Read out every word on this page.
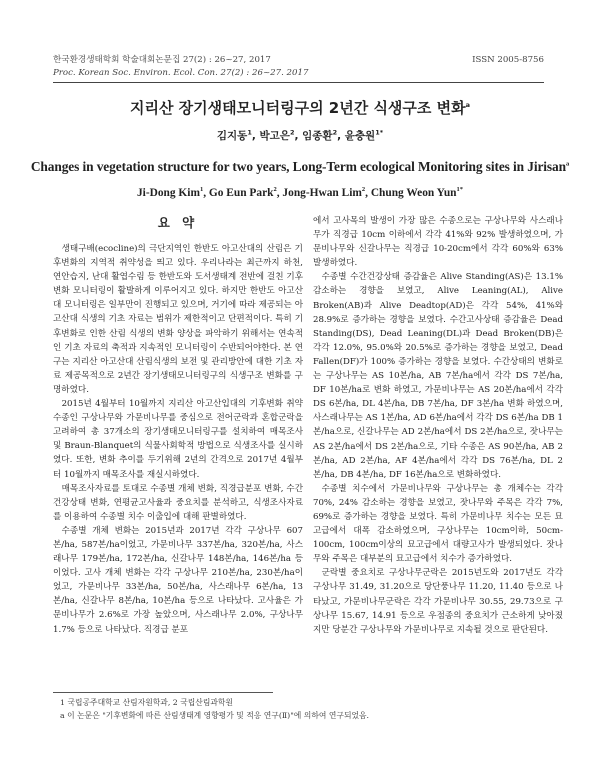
한국환경생태학회 학술대회논문집 27(2) : 26~27, 2017
Proc. Korean Soc. Environ. Ecol. Con. 27(2) : 26~27. 2017
ISSN 2005-8756
지리산 장기생태모니터링구의 2년간 식생구조 변화$^a$
김지동$^1$, 박고은$^2$, 임종환$^2$, 윤충원$^{1*}$
Changes in vegetation structure for two years, Long-Term ecological Monitoring sites in Jirisan$^a$
Ji-Dong Kim$^1$, Go Eun Park$^2$, Jong-Hwan Lim$^2$, Chung Weon Yun$^{1*}$
요 약

생태구배(ecocline)의 극단지역인 한반도 아고산대의 산림은 기후변화의 지역적 취약성을 띄고 있다. 우리나라는 최근까지 하천, 연안습지, 난대 활엽수림 등 한반도와 도서생태계 전반에 걸친 기후변화 모니터링이 활발하게 이루어지고 있다. 하지만 한반도 아고산대 모니터링은 일부만이 진행되고 있으며, 거기에 따라 제공되는 아고산대 식생의 기초 자료는 범위가 제한적이고 단편적이다. 특히 기후변화로 인한 산림 식생의 변화 양상을 파악하기 위해서는 연속적인 기초 자료의 축적과 지속적인 모니터링이 수반되어야한다. 본 연구는 지리산 아고산대 산림식생의 보전 및 관리방안에 대한 기초 자료 제공목적으로 2년간 장기생태모니터링구의 식생구조 변화를 구명하였다.

2015년 4월부터 10월까지 지리산 아고산입대의 기후변화 취약수종인 구상나무와 가문비나무를 중심으로 전어군락과 혼합군락을 고려하여 총 37개소의 장기생태모니터링구를 설치하여 매목조사 및 Braun-Blanquet의 식물사회학적 방법으로 식생조사를 실시하였다. 또한, 변화 추이를 두기위해 2년의 간격으로 2017년 4월부터 10월까지 매목조사를 재실시하였다.

매목조사자료를 토대로 수종별 개체 변화, 직경급분포 변화, 수간건강상태 변화, 연평균고사율과 중요치를 분석하고, 식생조사자료를 이용하여 수종별 치수 이출입에 대해 판별하였다.

수종별 개체 변화는 2015년과 2017년 각각 구상나무 607본/ha, 587본/ha이었고, 가문비나무 337본/ha, 320본/ha, 사스래나무 179본/ha, 172본/ha, 신갈나무 148본/ha, 146본/ha 등 이었다. 고사 개체 변화는 각각 구상나무 210본/ha, 230본/ha이었고, 가문비나무 33본/ha, 50본/ha, 사스래나무 6본/ha, 13본/ha, 신갈나무 8본/ha, 10본/ha 등으로 나타났다. 고사율은 가문비나무가 2.6%로 가장 높았으며, 사스래나무 2.0%, 구상나무 1.7% 등으로 나타났다. 직경급 분포

에서 고사목의 발생이 가장 많은 수종으로는 구상나무와 사스래나무가 직경급 10cm 이하에서 각각 41%와 92% 발생하였으며, 가문비나무와 신갈나무는 직경급 10-20cm에서 각각 60%와 63% 발생하였다.

수종별 수간건강상태 증감율은 Alive Standing(AS)은 13.1% 감소하는 경향을 보였고, Alive Leaning(AL), Alive Broken(AB)과 Alive Deadtop(AD)은 각각 54%, 41%와 28.9%로 증가하는 경향을 보였다. 수간고사상태 증감율은 Dead Standing(DS), Dead Leaning(DL)과 Dead Broken(DB)은 각각 12.0%, 95.0%와 20.5%로 증가하는 경향을 보였고, Dead Fallen(DF)가 100% 증가하는 경향을 보였다. 수간상태의 변화로는 구상나무는 AS 10본/ha, AB 7본/ha에서 각각 DS 7본/ha, DF 10본/ha로 변화 하였고, 가문비나무는 AS 20본/ha에서 각각 DS 6본/ha, DL 4본/ha, DB 7본/ha, DF 3본/ha 변화 하였으며, 사스래나무는 AS 1본/ha, AD 6본/ha에서 각각 DS 6본/ha DB 1본/ha으로, 신갈나무는 AD 2본/ha에서 DS 2본/ha으로, 잣나무는 AS 2본/ha에서 DS 2본/ha으로, 기타 수종은 AS 90본/ha, AB 2본/ha, AD 2본/ha, AF 4본/ha에서 각각 DS 76본/ha, DL 2본/ha, DB 4본/ha, DF 16본/ha으로 변화하였다.

수종별 치수에서 가문비나무와 구상나무는 총 개체수는 각각 70%, 24% 감소하는 경향을 보였고, 잣나무와 주목은 각각 7%, 69%로 증가하는 경향을 보였다. 특히 가문비나무 치수는 모든 묘고급에서 대폭 감소하였으며, 구상나무는 10cm이하, 50cm-100cm, 100cm이상의 묘고급에서 대량고사가 발생되었다. 잣나무와 주목은 대부분의 묘고급에서 치수가 증가하였다.

군락별 중요치로 구상나무군락은 2015년도와 2017년도 각각 구상나무 31.49, 31.20으로 당단풍나무 11.20, 11.40 등으로 나타났고, 가문비나무군락은 각각 가문비나무 30.55, 29.73으로 구상나무 15.67, 14.91 등으로 우점종의 중요치가 근소하게 낮아졌지만 당분간 구상나무와 가문비나무로 지속될 것으로 판단된다.

1 국립공주대학교 산림자원학과, 2 국립산림과학원
a 이 논문은 "기후변화에 따른 산림생태계 영향평가 및 적응 연구(Ⅱ)"에 의하여 연구되었음.
